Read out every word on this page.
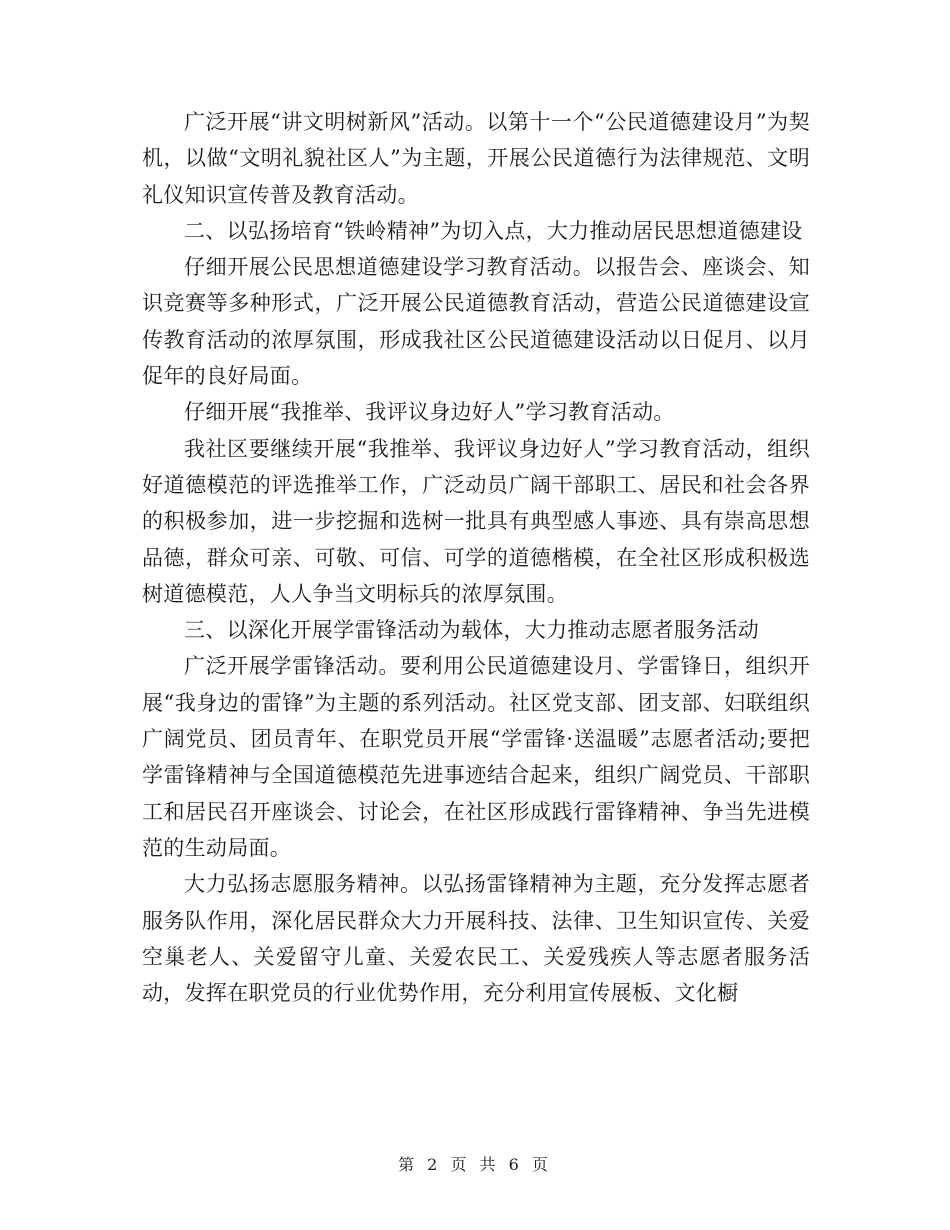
广泛开展“讲文明树新风”活动。以第十一个“公民道德建设月”为契机，以做“文明礼貌社区人”为主题，开展公民道德行为法律规范、文明礼仪知识宣传普及教育活动。

二、以弘扬培育“铁岭精神”为切入点，大力推动居民思想道德建设

仔细开展公民思想道德建设学习教育活动。以报告会、座谈会、知识竞赛等多种形式，广泛开展公民道德教育活动，营造公民道德建设宣传教育活动的浓厚氛围，形成我社区公民道德建设活动以日促月、以月促年的良好局面。

仔细开展“我推举、我评议身边好人”学习教育活动。

我社区要继续开展“我推举、我评议身边好人”学习教育活动，组织好道德模范的评选推举工作，广泛动员广阔干部职工、居民和社会各界的积极参加，进一步挖掘和选树一批具有典型感人事迹、具有崇高思想品德，群众可亲、可敬、可信、可学的道德楷模，在全社区形成积极选树道德模范，人人争当文明标兵的浓厚氛围。

三、以深化开展学雷锋活动为载体，大力推动志愿者服务活动

广泛开展学雷锋活动。要利用公民道德建设月、学雷锋日，组织开展“我身边的雷锋”为主题的系列活动。社区党支部、团支部、妇联组织广阔党员、团员青年、在职党员开展“学雷锋·送温暖”志愿者活动;要把学雷锋精神与全国道德模范先进事迹结合起来，组织广阔党员、干部职工和居民召开座谈会、讨论会，在社区形成践行雷锋精神、争当先进模范的生动局面。

大力弘扬志愿服务精神。以弘扬雷锋精神为主题，充分发挥志愿者服务队作用，深化居民群众大力开展科技、法律、卫生知识宣传、关爱空巢老人、关爱留守儿童、关爱农民工、关爱残疾人等志愿者服务活动，发挥在职党员的行业优势作用，充分利用宣传展板、文化橱

第 2 页 共 6 页
